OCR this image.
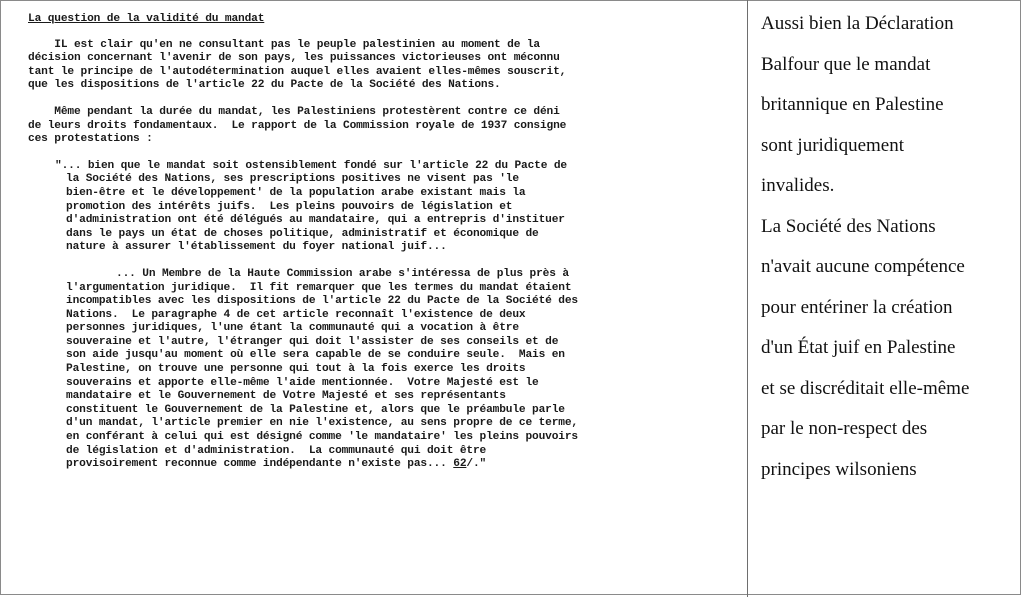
La question de la validité du mandat
IL est clair qu'en ne consultant pas le peuple palestinien au moment de la
décision concernant l'avenir de son pays, les puissances victorieuses ont méconnu
tant le principe de l'autodétermination auquel elles avaient elles-mêmes souscrit,
que les dispositions de l'article 22 du Pacte de la Société des Nations.
Même pendant la durée du mandat, les Palestiniens protestèrent contre ce déni
de leurs droits fondamentaux.  Le rapport de la Commission royale de 1937 consigne
ces protestations :
"... bien que le mandat soit ostensiblement fondé sur l'article 22 du Pacte de
la Société des Nations, ses prescriptions positives ne visent pas 'le
bien-être et le développement' de la population arabe existant mais la
promotion des intérêts juifs.  Les pleins pouvoirs de législation et
d'administration ont été délégués au mandataire, qui a entrepris d'instituer
dans le pays un état de choses politique, administratif et économique de
nature à assurer l'établissement du foyer national juif...
... Un Membre de la Haute Commission arabe s'intéressa de plus près à
l'argumentation juridique.  Il fit remarquer que les termes du mandat étaient
incompatibles avec les dispositions de l'article 22 du Pacte de la Société des
Nations.  Le paragraphe 4 de cet article reconnaît l'existence de deux
personnes juridiques, l'une étant la communauté qui a vocation à être
souveraine et l'autre, l'étranger qui doit l'assister de ses conseils et de
son aide jusqu'au moment où elle sera capable de se conduire seule.  Mais en
Palestine, on trouve une personne qui tout à la fois exerce les droits
souverains et apporte elle-même l'aide mentionnée.  Votre Majesté est le
mandataire et le Gouvernement de Votre Majesté et ses représentants
constituent le Gouvernement de la Palestine et, alors que le préambule parle
d'un mandat, l'article premier en nie l'existence, au sens propre de ce terme,
en conférant à celui qui est désigné comme 'le mandataire' les pleins pouvoirs
de législation et d'administration.  La communauté qui doit être
provisoirement reconnue comme indépendante n'existe pas... 62/."
Aussi bien la Déclaration
Balfour que le mandat
britannique en Palestine
sont juridiquement
invalides.
La Société des Nations
n'avait aucune compétence
pour entériner la création
d'un État juif en Palestine
et se discréditait elle-même
par le non-respect des
principes wilsoniens
